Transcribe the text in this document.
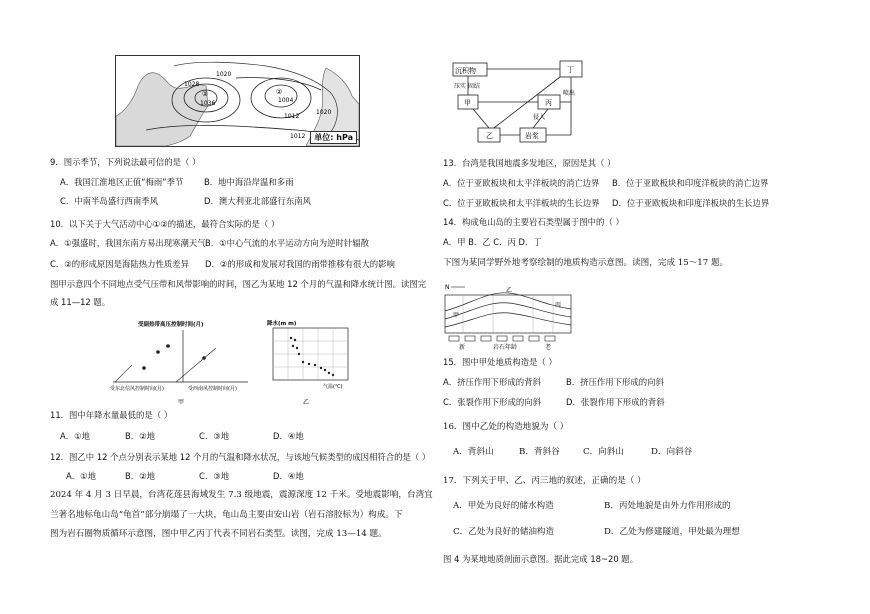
1028
1036	1004
1020
1012
1020
1012
①	②
单位: hPa
沉积物
压实 固结
甲	丙
丁
乙	岩浆
喷出
侵入
受副热带高压控制时间(月)
受东北信风控制时间(月)	受西南风控制时间(月)
甲
降水(m m)
气温(℃)
乙
N
甲
乙
丙
新	岩石年龄	老
9．图示季节，下列说法最可信的是（ ）
A．我国江淮地区正值“梅雨”季节 B．地中海沿岸温和多雨
C．中南半岛盛行西南季风	D．澳大利亚北部盛行东南风
10．以下关于大气活动中心①②的描述，最符合实际的是（ ）
A．①强盛时，我国东南方易出现寒潮天气 B．①中心气流的水平运动方向为逆时针辐散
C．②的形成原因是海陆热力性质差异 D．②的形成和发展对我国的雨带推移有很大的影响
图甲示意四个不同地点受气压带和风带影响的时间，图乙为某地 12 个月的气温和降水统计图。读图完
成 11—12 题。
11．图中年降水量最低的是（ ）
A．①地	B．②地	C．③地	D．④地
12．图乙中 12 个点分别表示某地 12 个月的气温和降水状况，与该地气候类型的成因相符合的是（ ）
A．①地	B．②地	C．③地	D．④地
2024 年 4 月 3 日早晨，台湾花莲县海域发生 7.3 级地震，震源深度 12 千米。受地震影响，台湾宜
兰著名地标龟山岛“龟首”部分崩塌了一大块，龟山岛主要由安山岩（岩石溶胶标为）构成。下
图为岩石圈物质循环示意图，图中甲乙丙丁代表不同岩石类型。读图，完成 13—14 题。
13．台湾是我国地震多发地区，原因是其（ ）
A．位于亚欧板块和太平洋板块的消亡边界 B．位于亚欧板块和印度洋板块的消亡边界
C．位于亚欧板块和太平洋板块的生长边界 D．位于亚欧板块和印度洋板块的生长边界
14．构成龟山岛的主要岩石类型属于图中的（ ）
A．甲 B．乙 C．丙 D．丁
下图为某同学野外地考察绘制的地质构造示意图。读图，完成 15～17 题。
15．图中甲处地质构造是（ ）
A．挤压作用下形成的背斜	B．挤压作用下形成的向斜
C．张裂作用下形成的向斜	D．张裂作用下形成的背斜
16．图中乙处的构造地貌为（ ）
A．背斜山	B．背斜谷	C．向斜山	D．向斜谷
17．下列关于甲、乙、丙三地的叙述，正确的是（ ）
A．甲处为良好的储水构造	B．丙处地貌是由外力作用形成的
C．乙处为良好的储油构造	D．乙处为修建隧道，甲处最为理想
图 4 为某地地质剖面示意图。据此完成 18~20 题。
